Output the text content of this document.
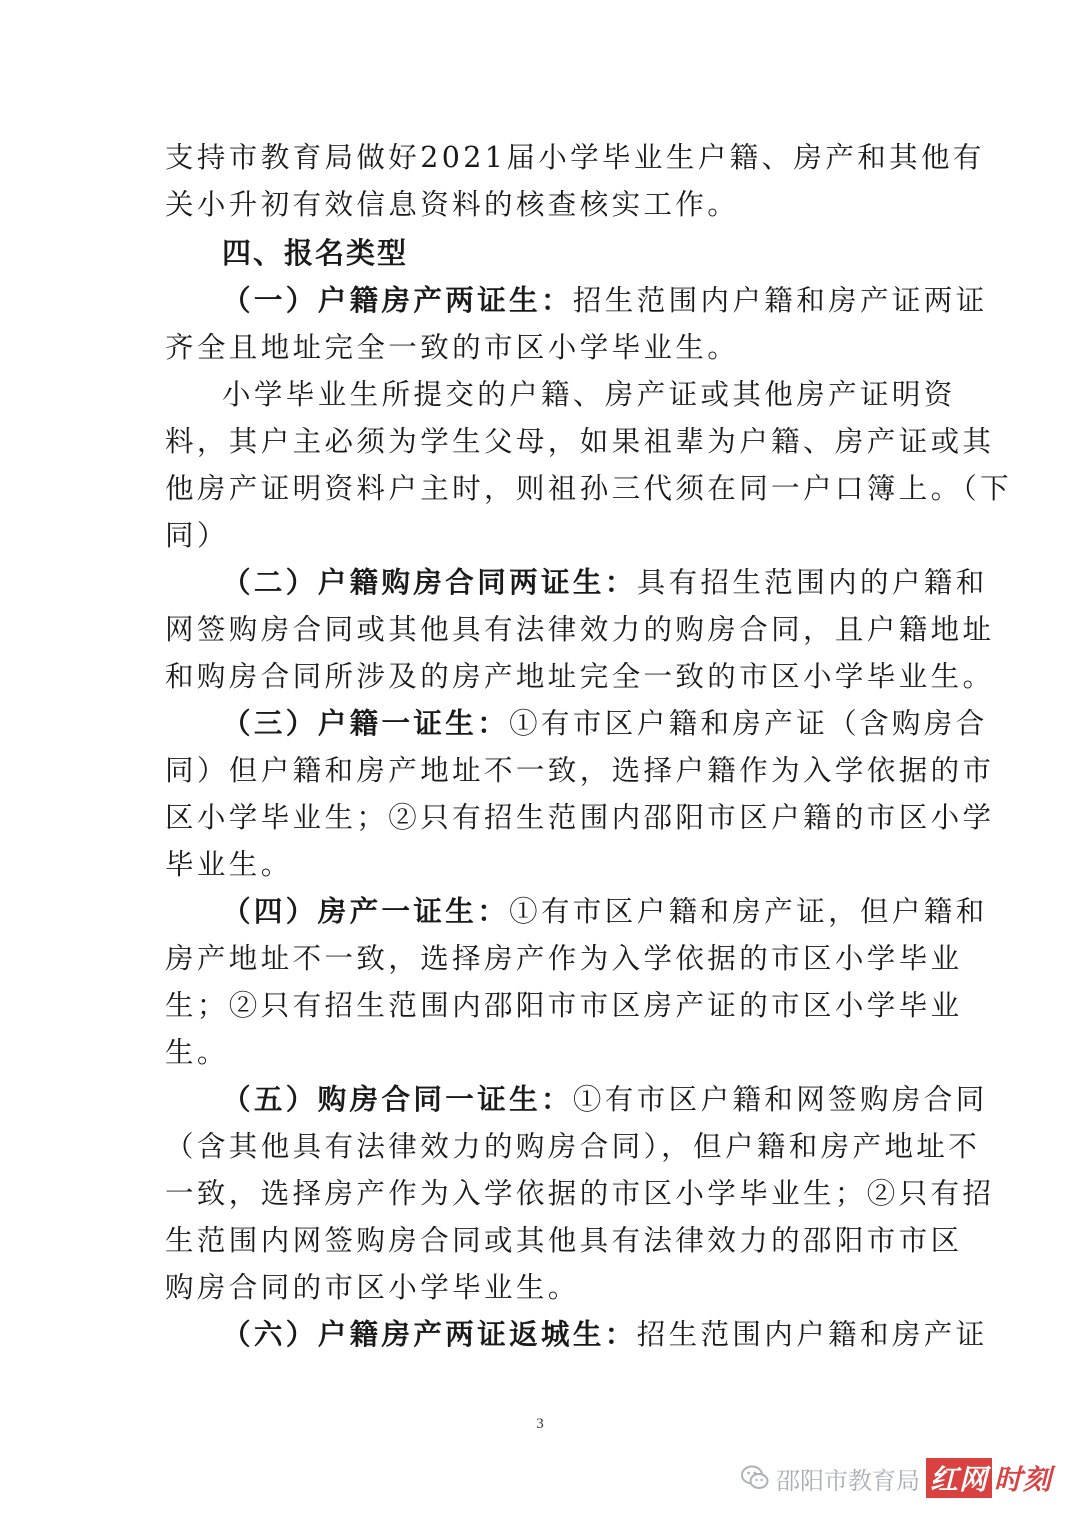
支持市教育局做好2021届小学毕业生户籍、房产和其他有

关小升初有效信息资料的核查核实工作。

四、报名类型

（一）户籍房产两证生：招生范围内户籍和房产证两证

齐全且地址完全一致的市区小学毕业生。

小学毕业生所提交的户籍、房产证或其他房产证明资

料，其户主必须为学生父母，如果祖辈为户籍、房产证或其

他房产证明资料户主时，则祖孙三代须在同一户口簿上。（下

同）

（二）户籍购房合同两证生：具有招生范围内的户籍和

网签购房合同或其他具有法律效力的购房合同，且户籍地址

和购房合同所涉及的房产地址完全一致的市区小学毕业生。

（三）户籍一证生：①有市区户籍和房产证（含购房合

同）但户籍和房产地址不一致，选择户籍作为入学依据的市

区小学毕业生；②只有招生范围内邵阳市区户籍的市区小学

毕业生。

（四）房产一证生：①有市区户籍和房产证，但户籍和

房产地址不一致，选择房产作为入学依据的市区小学毕业

生；②只有招生范围内邵阳市市区房产证的市区小学毕业

生。

（五）购房合同一证生：①有市区户籍和网签购房合同

（含其他具有法律效力的购房合同），但户籍和房产地址不

一致，选择房产作为入学依据的市区小学毕业生；②只有招

生范围内网签购房合同或其他具有法律效力的邵阳市市区

购房合同的市区小学毕业生。

（六）户籍房产两证返城生：招生范围内户籍和房产证

3
邵阳市教育局 红网 时刻
